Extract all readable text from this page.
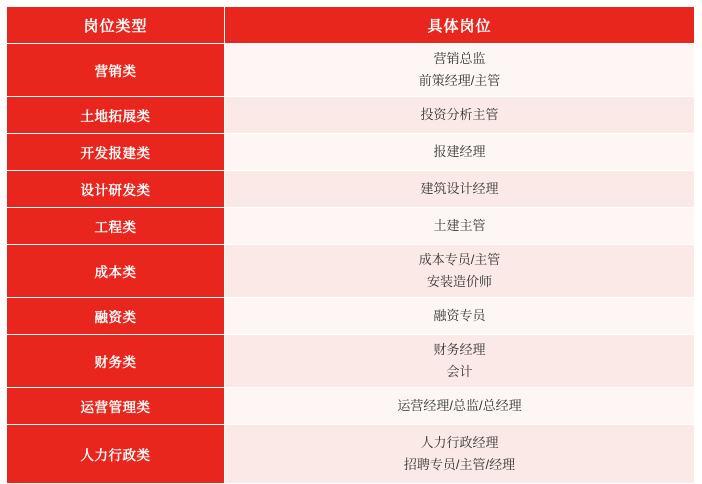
岗位类型	具体岗位
营销类	营销总监
前策经理/主管

土地拓展类	投资分析主管

开发报建类	报建经理

设计研发类	建筑设计经理

工程类	土建主管

成本类	成本专员/主管
安装造价师

融资类	融资专员

财务类	财务经理
会计

运营管理类	运营经理/总监/总经理

人力行政类	人力行政经理
招聘专员/主管/经理
